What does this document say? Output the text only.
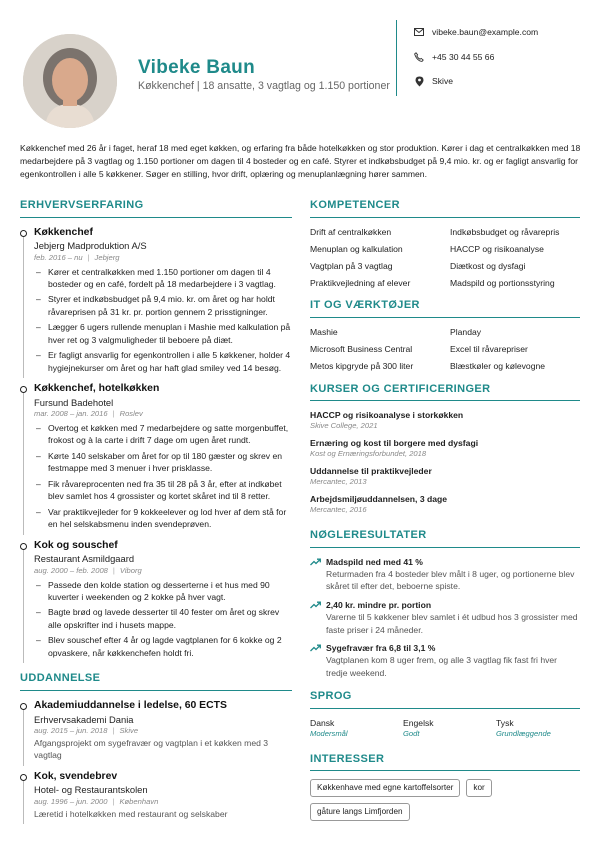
Vibeke Baun
Køkkenchef | 18 ansatte, 3 vagtlag og 1.150 portioner
vibeke.baun@example.com
+45 30 44 55 66
Skive
Køkkenchef med 26 år i faget, heraf 18 med eget køkken, og erfaring fra både hotelkøkken og stor produktion. Kører i dag et centralkøkken med 18 medarbejdere på 3 vagtlag og 1.150 portioner om dagen til 4 bosteder og en café. Styrer et indkøbsbudget på 9,4 mio. kr. og er fagligt ansvarlig for egenkontrollen i alle 5 køkkener. Søger en stilling, hvor drift, oplæring og menuplanlægning hører sammen.
ERHVERVSERFARING
Køkkenchef
Jebjerg Madproduktion A/S
feb. 2016 – nu | Jebjerg
– Kører et centralkøkken med 1.150 portioner om dagen til 4 bosteder og en café, fordelt på 18 medarbejdere i 3 vagtlag.
– Styrer et indkøbsbudget på 9,4 mio. kr. om året og har holdt råvareprisen på 31 kr. pr. portion gennem 2 prisstigninger.
– Lægger 6 ugers rullende menuplan i Mashie med kalkulation på hver ret og 3 valgmuligheder til beboere på diæt.
– Er fagligt ansvarlig for egenkontrollen i alle 5 køkkener, holder 4 hygiejnekurser om året og har haft glad smiley ved 14 besøg.
Køkkenchef, hotelkøkken
Fursund Badehotel
mar. 2008 – jan. 2016 | Roslev
– Overtog et køkken med 7 medarbejdere og satte morgenbuffet, frokost og à la carte i drift 7 dage om ugen året rundt.
– Kørte 140 selskaber om året for op til 180 gæster og skrev en festmappe med 3 menuer i hver prisklasse.
– Fik råvareprocenten ned fra 35 til 28 på 3 år, efter at indkøbet blev samlet hos 4 grossister og kortet skåret ind til 8 retter.
– Var praktikvejleder for 9 kokkeelever og lod hver af dem stå for en hel selskabsmenu inden svendeprøven.
Kok og souschef
Restaurant Asmildgaard
aug. 2000 – feb. 2008 | Viborg
– Passede den kolde station og desserterne i et hus med 90 kuverter i weekenden og 2 kokke på hver vagt.
– Bagte brød og lavede desserter til 40 fester om året og skrev alle opskrifter ind i husets mappe.
– Blev souschef efter 4 år og lagde vagtplanen for 6 kokke og 2 opvaskere, når køkkenchefen holdt fri.
UDDANNELSE
Akademiuddannelse i ledelse, 60 ECTS
Erhvervsakademi Dania
aug. 2015 – jun. 2018 | Skive
Afgangsprojekt om sygefravær og vagtplan i et køkken med 3 vagtlag
Kok, svendebrev
Hotel- og Restaurantskolen
aug. 1996 – jun. 2000 | København
Læretid i hotelkøkken med restaurant og selskaber
KOMPETENCER
Drift af centralkøkken	Indkøbsbudget og råvarepris
Menuplan og kalkulation	HACCP og risikoanalyse
Vagtplan på 3 vagtlag	Diætkost og dysfagi
Praktikvejledning af elever	Madspild og portionsstyring
IT OG VÆRKTØJER
Mashie	Planday
Microsoft Business Central	Excel til råvarepriser
Metos kipgryde på 300 liter	Blæstkøler og kølevogne
KURSER OG CERTIFICERINGER
HACCP og risikoanalyse i storkøkken
Skive College, 2021
Ernæring og kost til borgere med dysfagi
Kost og Ernæringsforbundet, 2018
Uddannelse til praktikvejleder
Mercantec, 2013
Arbejdsmiljøuddannelsen, 3 dage
Mercantec, 2016
NØGLERESULTATER
Madspild ned med 41 %
Returmaden fra 4 bosteder blev målt i 8 uger, og portionerne blev skåret til efter det, beboerne spiste.
2,40 kr. mindre pr. portion
Varerne til 5 køkkener blev samlet i ét udbud hos 3 grossister med faste priser i 24 måneder.
Sygefravær fra 6,8 til 3,1 %
Vagtplanen kom 8 uger frem, og alle 3 vagtlag fik fast fri hver tredje weekend.
SPROG
Dansk
Modersmål
Engelsk
Godt
Tysk
Grundlæggende
INTERESSER
Køkkenhave med egne kartoffelsorter	kor
gåture langs Limfjorden
